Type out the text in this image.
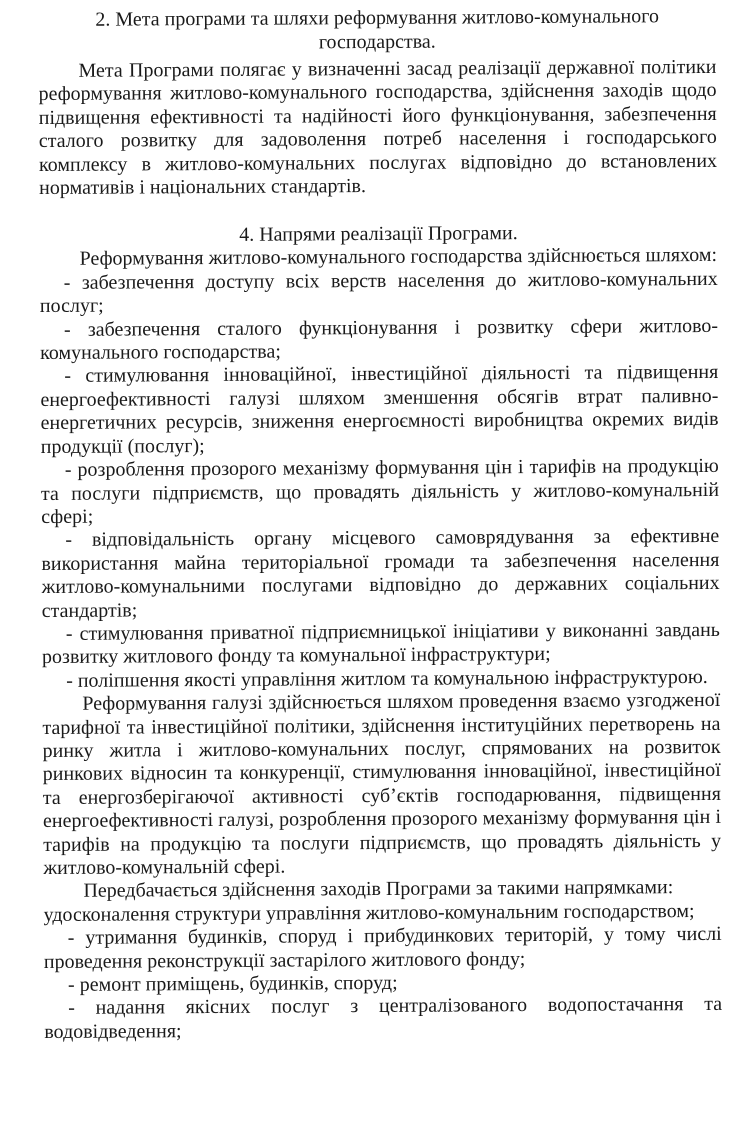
2. Мета програми та шляхи реформування житлово-комунального
господарства.

Мета Програми полягає у визначенні засад реалізації державної політики реформування житлово-комунального господарства, здійснення заходів щодо підвищення ефективності та надійності його функціонування, забезпечення сталого розвитку для задоволення потреб населення і господарського комплексу в житлово-комунальних послугах відповідно до встановлених нормативів і національних стандартів.

4. Напрями реалізації Програми.

Реформування житлово-комунального господарства здійснюється шляхом:

- забезпечення доступу всіх верств населення до житлово-комунальних послуг;

- забезпечення сталого функціонування і розвитку сфери житлово-комунального господарства;

- стимулювання інноваційної, інвестиційної діяльності та підвищення енергоефективності галузі шляхом зменшення обсягів втрат паливно-енергетичних ресурсів, зниження енергоємності виробництва окремих видів продукції (послуг);

- розроблення прозорого механізму формування цін і тарифів на продукцію та послуги підприємств, що провадять діяльність у житлово-комунальній сфері;

- відповідальність органу місцевого самоврядування за ефективне використання майна територіальної громади та забезпечення населення житлово-комунальними послугами відповідно до державних соціальних стандартів;

- стимулювання приватної підприємницької ініціативи у виконанні завдань розвитку житлового фонду та комунальної інфраструктури;

- поліпшення якості управління житлом та комунальною інфраструктурою.

Реформування галузі здійснюється шляхом проведення взаємо узгодженої тарифної та інвестиційної політики, здійснення інституційних перетворень на ринку житла і житлово-комунальних послуг, спрямованих на розвиток ринкових відносин та конкуренції, стимулювання інноваційної, інвестиційної та енергозберігаючої активності суб’єктів господарювання, підвищення енергоефективності галузі, розроблення прозорого механізму формування цін і тарифів на продукцію та послуги підприємств, що провадять діяльність у житлово-комунальній сфері.

Передбачається здійснення заходів Програми за такими напрямками:

удосконалення структури управління житлово-комунальним господарством;

- утримання будинків, споруд і прибудинкових територій, у тому числі проведення реконструкції застарілого житлового фонду;

- ремонт приміщень, будинків, споруд;

- надання якісних послуг з централізованого водопостачання та водовідведення;
